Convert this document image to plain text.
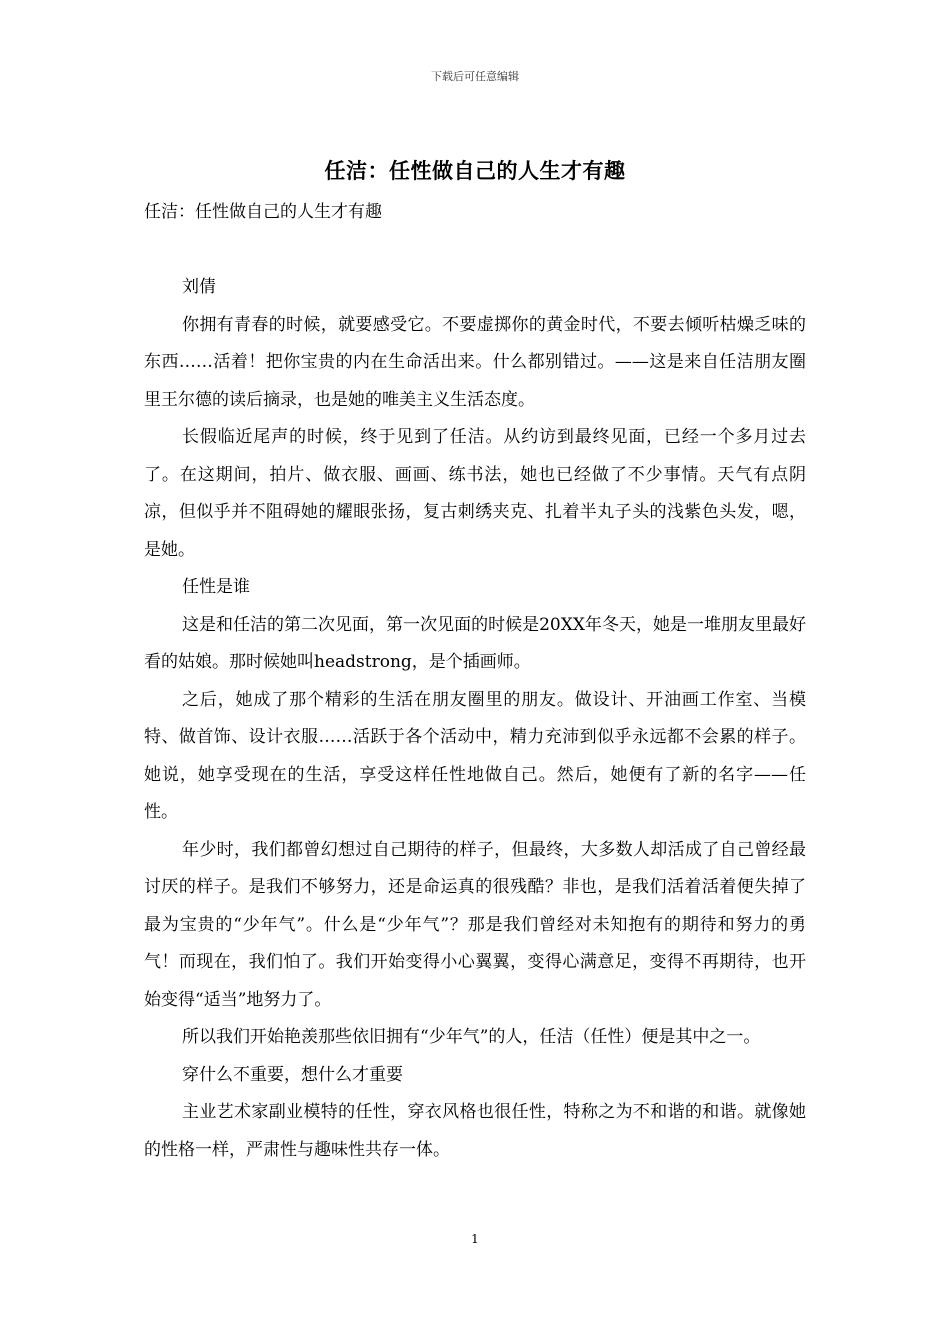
下载后可任意编辑
任洁：任性做自己的人生才有趣

任洁：任性做自己的人生才有趣

刘倩

你拥有青春的时候，就要感受它。不要虚掷你的黄金时代，不要去倾听枯燥乏味的东西……活着！把你宝贵的内在生命活出来。什么都别错过。——这是来自任洁朋友圈里王尔德的读后摘录，也是她的唯美主义生活态度。

长假临近尾声的时候，终于见到了任洁。从约访到最终见面，已经一个多月过去了。在这期间，拍片、做衣服、画画、练书法，她也已经做了不少事情。天气有点阴凉，但似乎并不阻碍她的耀眼张扬，复古刺绣夹克、扎着半丸子头的浅紫色头发，嗯，是她。

任性是谁

这是和任洁的第二次见面，第一次见面的时候是20XX年冬天，她是一堆朋友里最好看的姑娘。那时候她叫headstrong，是个插画师。

之后，她成了那个精彩的生活在朋友圈里的朋友。做设计、开油画工作室、当模特、做首饰、设计衣服……活跃于各个活动中，精力充沛到似乎永远都不会累的样子。她说，她享受现在的生活，享受这样任性地做自己。然后，她便有了新的名字——任性。

年少时，我们都曾幻想过自己期待的样子，但最终，大多数人却活成了自己曾经最讨厌的样子。是我们不够努力，还是命运真的很残酷？非也，是我们活着活着便失掉了最为宝贵的“少年气”。什么是“少年气”？那是我们曾经对未知抱有的期待和努力的勇气！而现在，我们怕了。我们开始变得小心翼翼，变得心满意足，变得不再期待，也开始变得“适当”地努力了。

所以我们开始艳羡那些依旧拥有“少年气”的人，任洁（任性）便是其中之一。

穿什么不重要，想什么才重要

主业艺术家副业模特的任性，穿衣风格也很任性，特称之为不和谐的和谐。就像她的性格一样，严肃性与趣味性共存一体。

1
